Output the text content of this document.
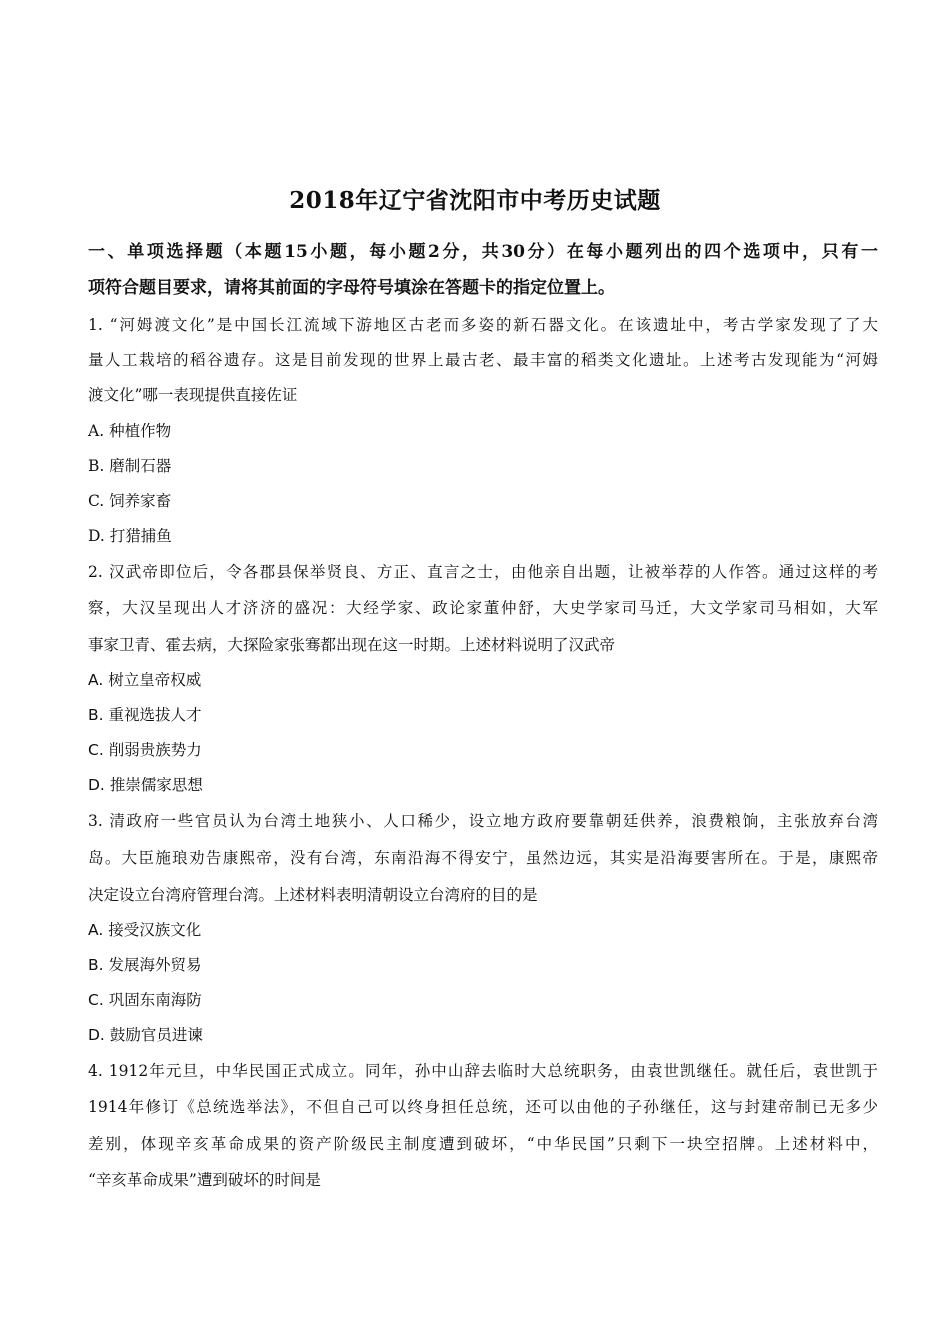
2018年辽宁省沈阳市中考历史试题
一、单项选择题（本题15小题，每小题2分，共30分）在每小题列出的四个选项中，只有一
项符合题目要求，请将其前面的字母符号填涂在答题卡的指定位置上。
1. “河姆渡文化”是中国长江流域下游地区古老而多姿的新石器文化。在该遗址中，考古学家发现了了大
量人工栽培的稻谷遗存。这是目前发现的世界上最古老、最丰富的稻类文化遗址。上述考古发现能为“河姆
渡文化”哪一表现提供直接佐证
A. 种植作物
B. 磨制石器
C. 饲养家畜
D. 打猎捕鱼
2. 汉武帝即位后，令各郡县保举贤良、方正、直言之士，由他亲自出题，让被举荐的人作答。通过这样的考
察，大汉呈现出人才济济的盛况：大经学家、政论家董仲舒，大史学家司马迁，大文学家司马相如，大军
事家卫青、霍去病，大探险家张骞都出现在这一时期。上述材料说明了汉武帝
A. 树立皇帝权威
B. 重视选拔人才
C. 削弱贵族势力
D. 推崇儒家思想
3. 清政府一些官员认为台湾土地狭小、人口稀少，设立地方政府要靠朝廷供养，浪费粮饷，主张放弃台湾
岛。大臣施琅劝告康熙帝，没有台湾，东南沿海不得安宁，虽然边远，其实是沿海要害所在。于是，康熙帝
决定设立台湾府管理台湾。上述材料表明清朝设立台湾府的目的是
A. 接受汉族文化
B. 发展海外贸易
C. 巩固东南海防
D. 鼓励官员进谏
4. 1912年元旦，中华民国正式成立。同年，孙中山辞去临时大总统职务，由袁世凯继任。就任后，袁世凯于
1914年修订《总统选举法》，不但自己可以终身担任总统，还可以由他的子孙继任，这与封建帝制已无多少
差别，体现辛亥革命成果的资产阶级民主制度遭到破坏，“中华民国”只剩下一块空招牌。上述材料中，
“辛亥革命成果”遭到破坏的时间是
